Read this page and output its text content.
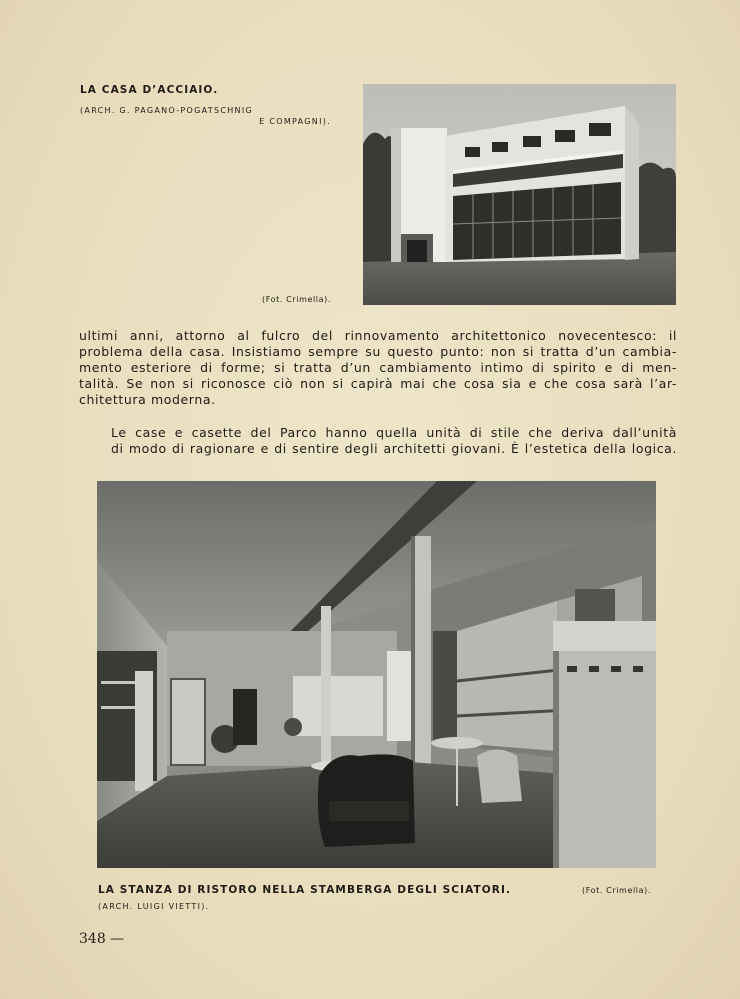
LA CASA D’ACCIAIO.
(ARCH. G. PAGANO-POGATSCHNIG
E COMPAGNI).
(Fot. Crimella).
ultimi anni, attorno al fulcro del rinnovamento architettonico novecentesco: il
problema della casa. Insistiamo sempre su questo punto: non si tratta d’un cambia-
mento esteriore di forme; si tratta d’un cambiamento intimo di spirito e di men-
talità. Se non si riconosce ciò non si capirà mai che cosa sia e che cosa sarà l’ar-
chitettura moderna.
Le case e casette del Parco hanno quella unità di stile che deriva dall’unità
di modo di ragionare e di sentire degli architetti giovani. È l’estetica della logica.
LA STANZA DI RISTORO NELLA STAMBERGA DEGLI SCIATORI.	(Fot. Crimella).
(ARCH. LUIGI VIETTI).
348 —
